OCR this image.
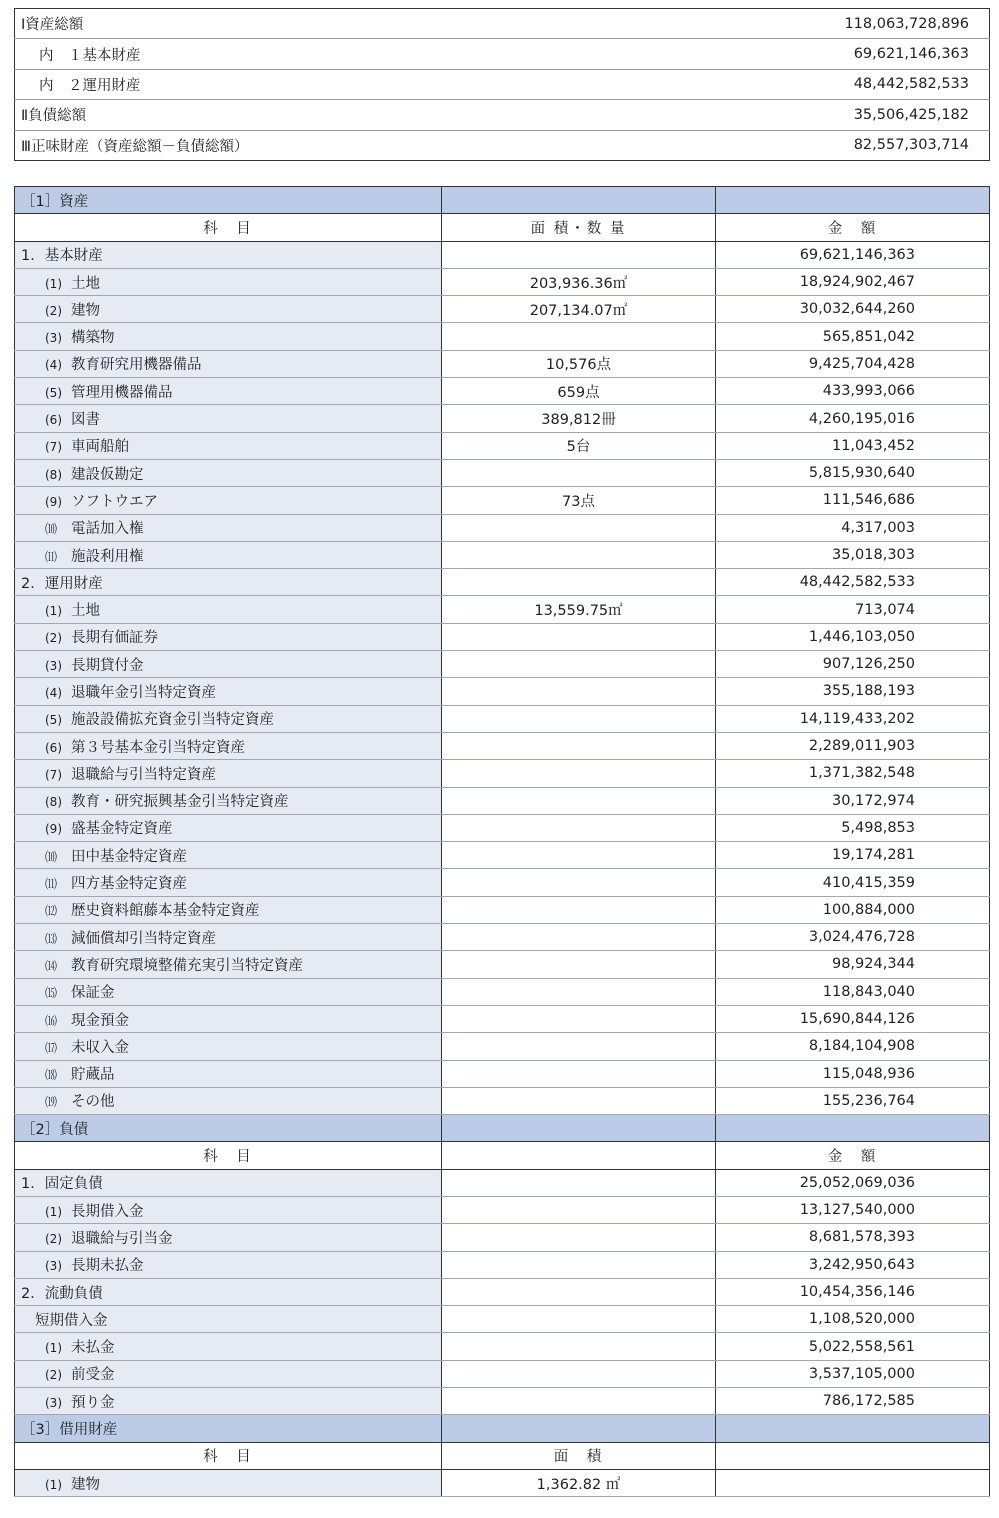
Ⅰ資産総額	118,063,728,896
内　１基本財産	69,621,146,363
内　２運用財産	48,442,582,533
Ⅱ負債総額	35,506,425,182
Ⅲ正味財産（資産総額－負債総額）	82,557,303,714
［1］資産		
科　目	面 積・数 量	金　額
1．基本財産		69,621,146,363
(1) 土地	203,936.36㎡	18,924,902,467
(2) 建物	207,134.07㎡	30,032,644,260
(3) 構築物		565,851,042
(4) 教育研究用機器備品	10,576点	9,425,704,428
(5) 管理用機器備品	659点	433,993,066
(6) 図書	389,812冊	4,260,195,016
(7) 車両船舶	5台	11,043,452
(8) 建設仮勘定		5,815,930,640
(9) ソフトウエア	73点	111,546,686
⑽ 電話加入権		4,317,003
⑾ 施設利用権		35,018,303
2．運用財産		48,442,582,533
(1) 土地	13,559.75㎡	713,074
(2) 長期有価証券		1,446,103,050
(3) 長期貸付金		907,126,250
(4) 退職年金引当特定資産		355,188,193
(5) 施設設備拡充資金引当特定資産		14,119,433,202
(6) 第３号基本金引当特定資産		2,289,011,903
(7) 退職給与引当特定資産		1,371,382,548
(8) 教育・研究振興基金引当特定資産		30,172,974
(9) 盛基金特定資産		5,498,853
⑽ 田中基金特定資産		19,174,281
⑾ 四方基金特定資産		410,415,359
⑿ 歴史資料館藤本基金特定資産		100,884,000
⒀ 減価償却引当特定資産		3,024,476,728
⒁ 教育研究環境整備充実引当特定資産		98,924,344
⒂ 保証金		118,843,040
⒃ 現金預金		15,690,844,126
⒄ 未収入金		8,184,104,908
⒅ 貯蔵品		115,048,936
⒆ その他		155,236,764
［2］負債		
科　目		金　額
1．固定負債		25,052,069,036
(1) 長期借入金		13,127,540,000
(2) 退職給与引当金		8,681,578,393
(3) 長期未払金		3,242,950,643
2．流動負債		10,454,356,146
短期借入金		1,108,520,000
(1) 未払金		5,022,558,561
(2) 前受金		3,537,105,000
(3) 預り金		786,172,585
［3］借用財産		
科　目	面　積	
(1) 建物	1,362.82 ㎡	
